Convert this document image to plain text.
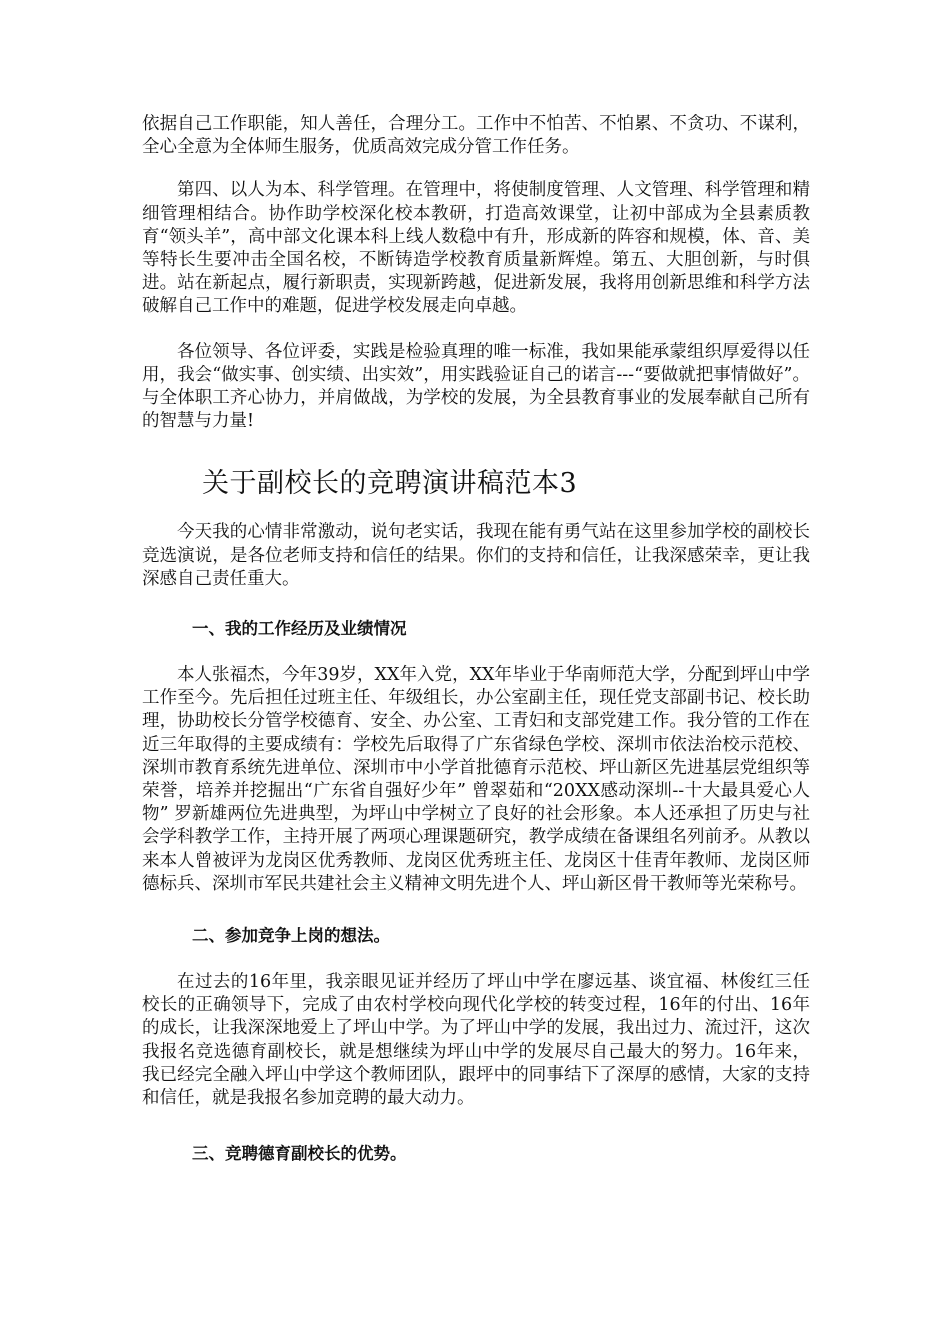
依据自己工作职能，知人善任，合理分工。工作中不怕苦、不怕累、不贪功、不谋利，全心全意为全体师生服务，优质高效完成分管工作任务。

第四、以人为本、科学管理。在管理中，将使制度管理、人文管理、科学管理和精细管理相结合。协作助学校深化校本教研，打造高效课堂，让初中部成为全县素质教育“领头羊”，高中部文化课本科上线人数稳中有升，形成新的阵容和规模，体、音、美等特长生要冲击全国名校，不断铸造学校教育质量新辉煌。第五、大胆创新，与时俱进。站在新起点，履行新职责，实现新跨越，促进新发展，我将用创新思维和科学方法破解自己工作中的难题，促进学校发展走向卓越。

各位领导、各位评委，实践是检验真理的唯一标准，我如果能承蒙组织厚爱得以任用，我会“做实事、创实绩、出实效”，用实践验证自己的诺言---“要做就把事情做好”。与全体职工齐心协力，并肩做战，为学校的发展，为全县教育事业的发展奉献自己所有的智慧与力量!

关于副校长的竞聘演讲稿范本3

今天我的心情非常激动，说句老实话，我现在能有勇气站在这里参加学校的副校长竞选演说，是各位老师支持和信任的结果。你们的支持和信任，让我深感荣幸，更让我深感自己责任重大。

一、我的工作经历及业绩情况

本人张福杰，今年39岁，XX年入党，XX年毕业于华南师范大学，分配到坪山中学工作至今。先后担任过班主任、年级组长，办公室副主任，现任党支部副书记、校长助理，协助校长分管学校德育、安全、办公室、工青妇和支部党建工作。我分管的工作在近三年取得的主要成绩有：学校先后取得了广东省绿色学校、深圳市依法治校示范校、深圳市教育系统先进单位、深圳市中小学首批德育示范校、坪山新区先进基层党组织等荣誉，培养并挖掘出“广东省自强好少年” 曾翠茹和“20XX感动深圳--十大最具爱心人物” 罗新雄两位先进典型，为坪山中学树立了良好的社会形象。本人还承担了历史与社会学科教学工作，主持开展了两项心理课题研究，教学成绩在备课组名列前矛。从教以来本人曾被评为龙岗区优秀教师、龙岗区优秀班主任、龙岗区十佳青年教师、龙岗区师德标兵、深圳市军民共建社会主义精神文明先进个人、坪山新区骨干教师等光荣称号。

二、参加竞争上岗的想法。

在过去的16年里，我亲眼见证并经历了坪山中学在廖远基、谈宜福、林俊红三任校长的正确领导下，完成了由农村学校向现代化学校的转变过程，16年的付出、16年的成长，让我深深地爱上了坪山中学。为了坪山中学的发展，我出过力、流过汗，这次我报名竞选德育副校长，就是想继续为坪山中学的发展尽自己最大的努力。16年来，我已经完全融入坪山中学这个教师团队，跟坪中的同事结下了深厚的感情，大家的支持和信任，就是我报名参加竞聘的最大动力。

三、竞聘德育副校长的优势。
